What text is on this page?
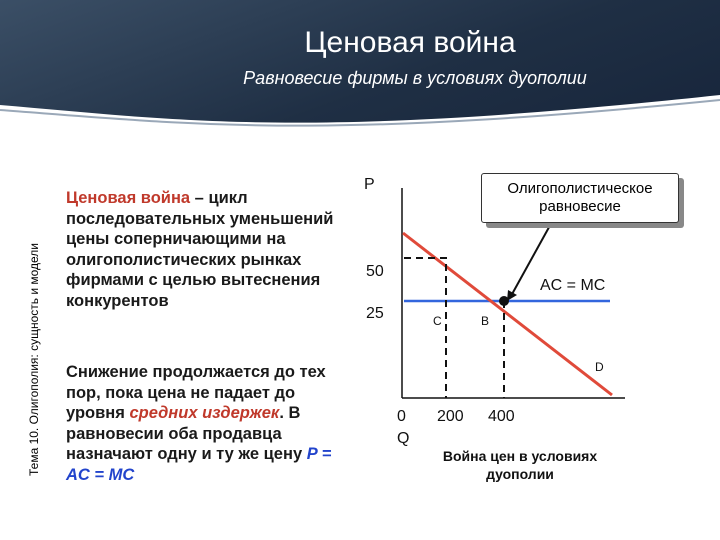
Ценовая война
Равновесие фирмы в условиях дуополии
Тема 10. Олигополия: сущность и модели
Ценовая война – цикл последовательных уменьшений цены соперничающими на олигополистических рынках фирмами с целью вытеснения конкурентов
Снижение продолжается до тех пор, пока цена не падает до уровня средних издержек. В равновесии оба продавца назначают одну и ту же цену P = AC = MC
Олигополистическое равновесие
P
50
25
AC = MC
C	B
D
0
Q
200 400
Война цен в условиях дуополии
